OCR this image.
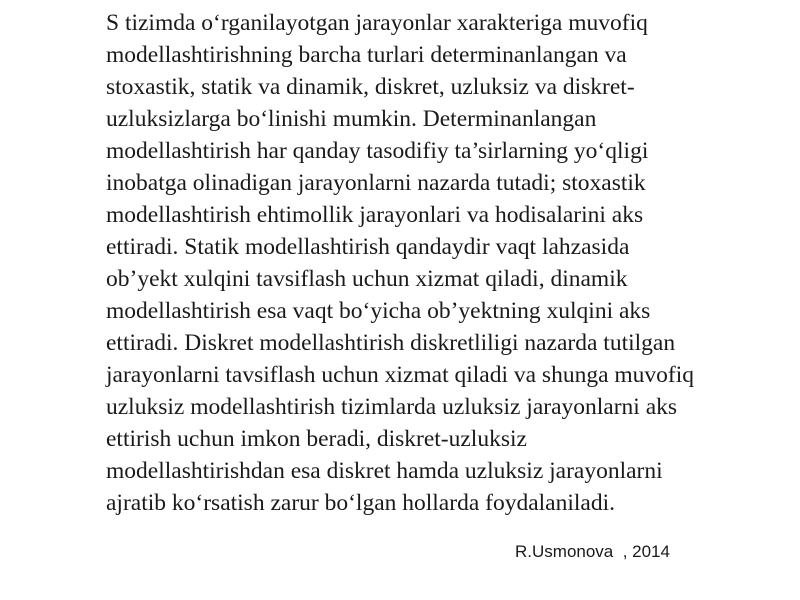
S tizimda o‘rganilayotgan jarayonlar xarakteriga muvofiq
modellashtirishning barcha turlari determinanlangan va
stoxastik, statik va dinamik, diskret, uzluksiz va diskret-
uzluksizlarga bo‘linishi mumkin. Determinanlangan
modellashtirish har qanday tasodifiy ta’sirlarning yo‘qligi
inobatga olinadigan jarayonlarni nazarda tutadi; stoxastik
modellashtirish ehtimollik jarayonlari va hodisalarini aks
ettiradi. Statik modellashtirish qandaydir vaqt lahzasida
ob’yekt xulqini tavsiflash uchun xizmat qiladi, dinamik
modellashtirish esa vaqt bo‘yicha ob’yektning xulqini aks
ettiradi. Diskret modellashtirish diskretliligi nazarda tutilgan
jarayonlarni tavsiflash uchun xizmat qiladi va shunga muvofiq
uzluksiz modellashtirish tizimlarda uzluksiz jarayonlarni aks
ettirish uchun imkon beradi, diskret-uzluksiz
modellashtirishdan esa diskret hamda uzluksiz jarayonlarni
ajratib ko‘rsatish zarur bo‘lgan hollarda foydalaniladi.

R.Usmonova  , 2014
